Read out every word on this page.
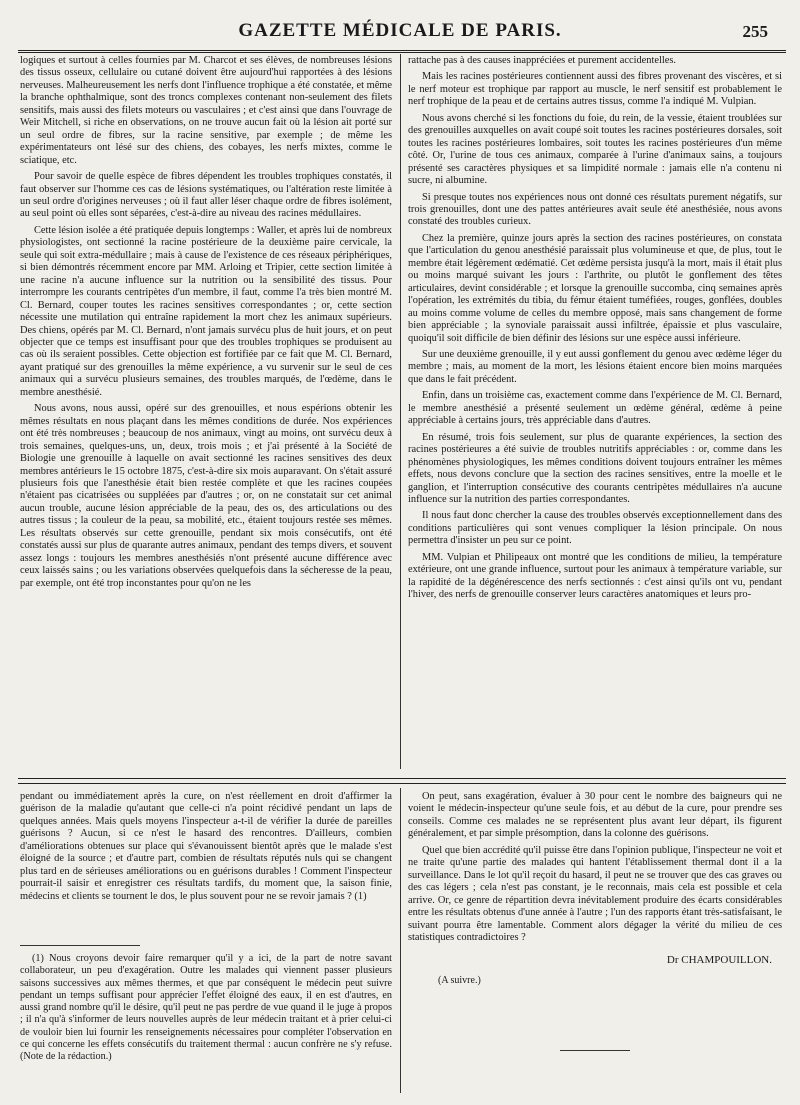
GAZETTE MÉDICALE DE PARIS.	255

logiques et surtout à celles fournies par M. Charcot et ses élèves, de nombreuses lésions des tissus osseux, cellulaire ou cutané doivent être aujourd'hui rapportées à des lésions nerveuses. Malheureusement les nerfs dont l'influence trophique a été constatée, et même la branche ophthalmique, sont des troncs complexes contenant non-seulement des filets sensitifs, mais aussi des filets moteurs ou vasculaires ; et c'est ainsi que dans l'ouvrage de Weir Mitchell, si riche en observations, on ne trouve aucun fait où la lésion ait porté sur un seul ordre de fibres, sur la racine sensitive, par exemple ; de même les expérimentateurs ont lésé sur des chiens, des cobayes, les nerfs mixtes, comme le sciatique, etc.

Pour savoir de quelle espèce de fibres dépendent les troubles trophiques constatés, il faut observer sur l'homme ces cas de lésions systématiques, ou l'altération reste limitée à un seul ordre d'origines nerveuses ; où il faut aller léser chaque ordre de fibres isolément, au seul point où elles sont séparées, c'est-à-dire au niveau des racines médullaires.

Cette lésion isolée a été pratiquée depuis longtemps : Waller, et après lui de nombreux physiologistes, ont sectionné la racine postérieure de la deuxième paire cervicale, la seule qui soit extra-médullaire ; mais à cause de l'existence de ces réseaux périphériques, si bien démontrés récemment encore par MM. Arloing et Tripier, cette section limitée à une racine n'a aucune influence sur la nutrition ou la sensibilité des tissus. Pour interrompre les courants centripètes d'un membre, il faut, comme l'a très bien montré M. Cl. Bernard, couper toutes les racines sensitives correspondantes ; or, cette section nécessite une mutilation qui entraîne rapidement la mort chez les animaux supérieurs. Des chiens, opérés par M. Cl. Bernard, n'ont jamais survécu plus de huit jours, et on peut objecter que ce temps est insuffisant pour que des troubles trophiques se produisent au cas où ils seraient possibles. Cette objection est fortifiée par ce fait que M. Cl. Bernard, ayant pratiqué sur des grenouilles la même expérience, a vu survenir sur le seul de ces animaux qui a survécu plusieurs semaines, des troubles marqués, de l'œdème, dans le membre anesthésié.

Nous avons, nous aussi, opéré sur des grenouilles, et nous espérions obtenir les mêmes résultats en nous plaçant dans les mêmes conditions de durée. Nos expériences ont été très nombreuses ; beaucoup de nos animaux, vingt au moins, ont survécu deux à trois semaines, quelques-uns, un, deux, trois mois ; et j'ai présenté à la Société de Biologie une grenouille à laquelle on avait sectionné les racines sensitives des deux membres antérieurs le 15 octobre 1875, c'est-à-dire six mois auparavant. On s'était assuré plusieurs fois que l'anesthésie était bien restée complète et que les racines coupées n'étaient pas cicatrisées ou suppléées par d'autres ; or, on ne constatait sur cet animal aucun trouble, aucune lésion appréciable de la peau, des os, des articulations ou des autres tissus ; la couleur de la peau, sa mobilité, etc., étaient toujours restée ses mêmes. Les résultats observés sur cette grenouille, pendant six mois consécutifs, ont été constatés aussi sur plus de quarante autres animaux, pendant des temps divers, et souvent assez longs : toujours les membres anesthésiés n'ont présenté aucune différence avec ceux laissés sains ; ou les variations observées quelquefois dans la sécheresse de la peau, par exemple, ont été trop inconstantes pour qu'on ne les

rattache pas à des causes inappréciées et purement accidentelles.

Mais les racines postérieures contiennent aussi des fibres provenant des viscères, et si le nerf moteur est trophique par rapport au muscle, le nerf sensitif est probablement le nerf trophique de la peau et de certains autres tissus, comme l'a indiqué M. Vulpian.

Nous avons cherché si les fonctions du foie, du rein, de la vessie, étaient troublées sur des grenouilles auxquelles on avait coupé soit toutes les racines postérieures dorsales, soit toutes les racines postérieures lombaires, soit toutes les racines postérieures d'un même côté. Or, l'urine de tous ces animaux, comparée à l'urine d'animaux sains, a toujours présenté ses caractères physiques et sa limpidité normale : jamais elle n'a contenu ni sucre, ni albumine.

Si presque toutes nos expériences nous ont donné ces résultats purement négatifs, sur trois grenouilles, dont une des pattes antérieures avait seule été anesthésiée, nous avons constaté des troubles curieux.

Chez la première, quinze jours après la section des racines postérieures, on constata que l'articulation du genou anesthésié paraissait plus volumineuse et que, de plus, tout le membre était légèrement œdématié. Cet œdème persista jusqu'à la mort, mais il était plus ou moins marqué suivant les jours : l'arthrite, ou plutôt le gonflement des têtes articulaires, devint considérable ; et lorsque la grenouille succomba, cinq semaines après l'opération, les extrémités du tibia, du fémur étaient tuméfiées, rouges, gonflées, doubles au moins comme volume de celles du membre opposé, mais sans changement de forme bien appréciable ; la synoviale paraissait aussi infiltrée, épaissie et plus vasculaire, quoiqu'il soit difficile de bien définir des lésions sur une espèce aussi inférieure.

Sur une deuxième grenouille, il y eut aussi gonflement du genou avec œdème léger du membre ; mais, au moment de la mort, les lésions étaient encore bien moins marquées que dans le fait précédent.

Enfin, dans un troisième cas, exactement comme dans l'expérience de M. Cl. Bernard, le membre anesthésié a présenté seulement un œdème général, œdème à peine appréciable à certains jours, très appréciable dans d'autres.

En résumé, trois fois seulement, sur plus de quarante expériences, la section des racines postérieures a été suivie de troubles nutritifs appréciables : or, comme dans les phénomènes physiologiques, les mêmes conditions doivent toujours entraîner les mêmes effets, nous devons conclure que la section des racines sensitives, entre la moelle et le ganglion, et l'interruption consécutive des courants centripètes médullaires n'a aucune influence sur la nutrition des parties correspondantes.

Il nous faut donc chercher la cause des troubles observés exceptionnellement dans des conditions particulières qui sont venues compliquer la lésion principale. On nous permettra d'insister un peu sur ce point.

MM. Vulpian et Philipeaux ont montré que les conditions de milieu, la température extérieure, ont une grande influence, surtout pour les animaux à température variable, sur la rapidité de la dégénérescence des nerfs sectionnés : c'est ainsi qu'ils ont vu, pendant l'hiver, des nerfs de grenouille conserver leurs caractères anatomiques et leurs pro-

pendant ou immédiatement après la cure, on n'est réellement en droit d'affirmer la guérison de la maladie qu'autant que celle-ci n'a point récidivé pendant un laps de quelques années. Mais quels moyens l'inspecteur a-t-il de vérifier la durée de pareilles guérisons ? Aucun, si ce n'est le hasard des rencontres. D'ailleurs, combien d'améliorations obtenues sur place qui s'évanouissent bientôt après que le malade s'est éloigné de la source ; et d'autre part, combien de résultats réputés nuls qui se changent plus tard en de sérieuses améliorations ou en guérisons durables ! Comment l'inspecteur pourrait-il saisir et enregistrer ces résultats tardifs, du moment que, la saison finie, médecins et clients se tournent le dos, le plus souvent pour ne se revoir jamais ? (1)

(1) Nous croyons devoir faire remarquer qu'il y a ici, de la part de notre savant collaborateur, un peu d'exagération. Outre les malades qui viennent passer plusieurs saisons successives aux mêmes thermes, et que par conséquent le médecin peut suivre pendant un temps suffisant pour apprécier l'effet éloigné des eaux, il en est d'autres, en aussi grand nombre qu'il le désire, qu'il peut ne pas perdre de vue quand il le juge à propos ; il n'a qu'à s'informer de leurs nouvelles auprès de leur médecin traitant et à prier celui-ci de vouloir bien lui fournir les renseignements nécessaires pour compléter l'observation en ce qui concerne les effets consécutifs du traitement thermal : aucun confrère ne s'y refuse. (Note de la rédaction.)

On peut, sans exagération, évaluer à 30 pour cent le nombre des baigneurs qui ne voient le médecin-inspecteur qu'une seule fois, et au début de la cure, pour prendre ses conseils. Comme ces malades ne se représentent plus avant leur départ, ils figurent généralement, et par simple présomption, dans la colonne des guérisons.

Quel que bien accrédité qu'il puisse être dans l'opinion publique, l'inspecteur ne voit et ne traite qu'une partie des malades qui hantent l'établissement thermal dont il a la surveillance. Dans le lot qu'il reçoit du hasard, il peut ne se trouver que des cas graves ou des cas légers ; cela n'est pas constant, je le reconnais, mais cela est possible et cela arrive. Or, ce genre de répartition devra inévitablement produire des écarts considérables entre les résultats obtenus d'une année à l'autre ; l'un des rapports étant très-satisfaisant, le suivant pourra être lamentable. Comment alors dégager la vérité du milieu de ces statistiques contradictoires ?

Dr CHAMPOUILLON.
(A suivre.)
